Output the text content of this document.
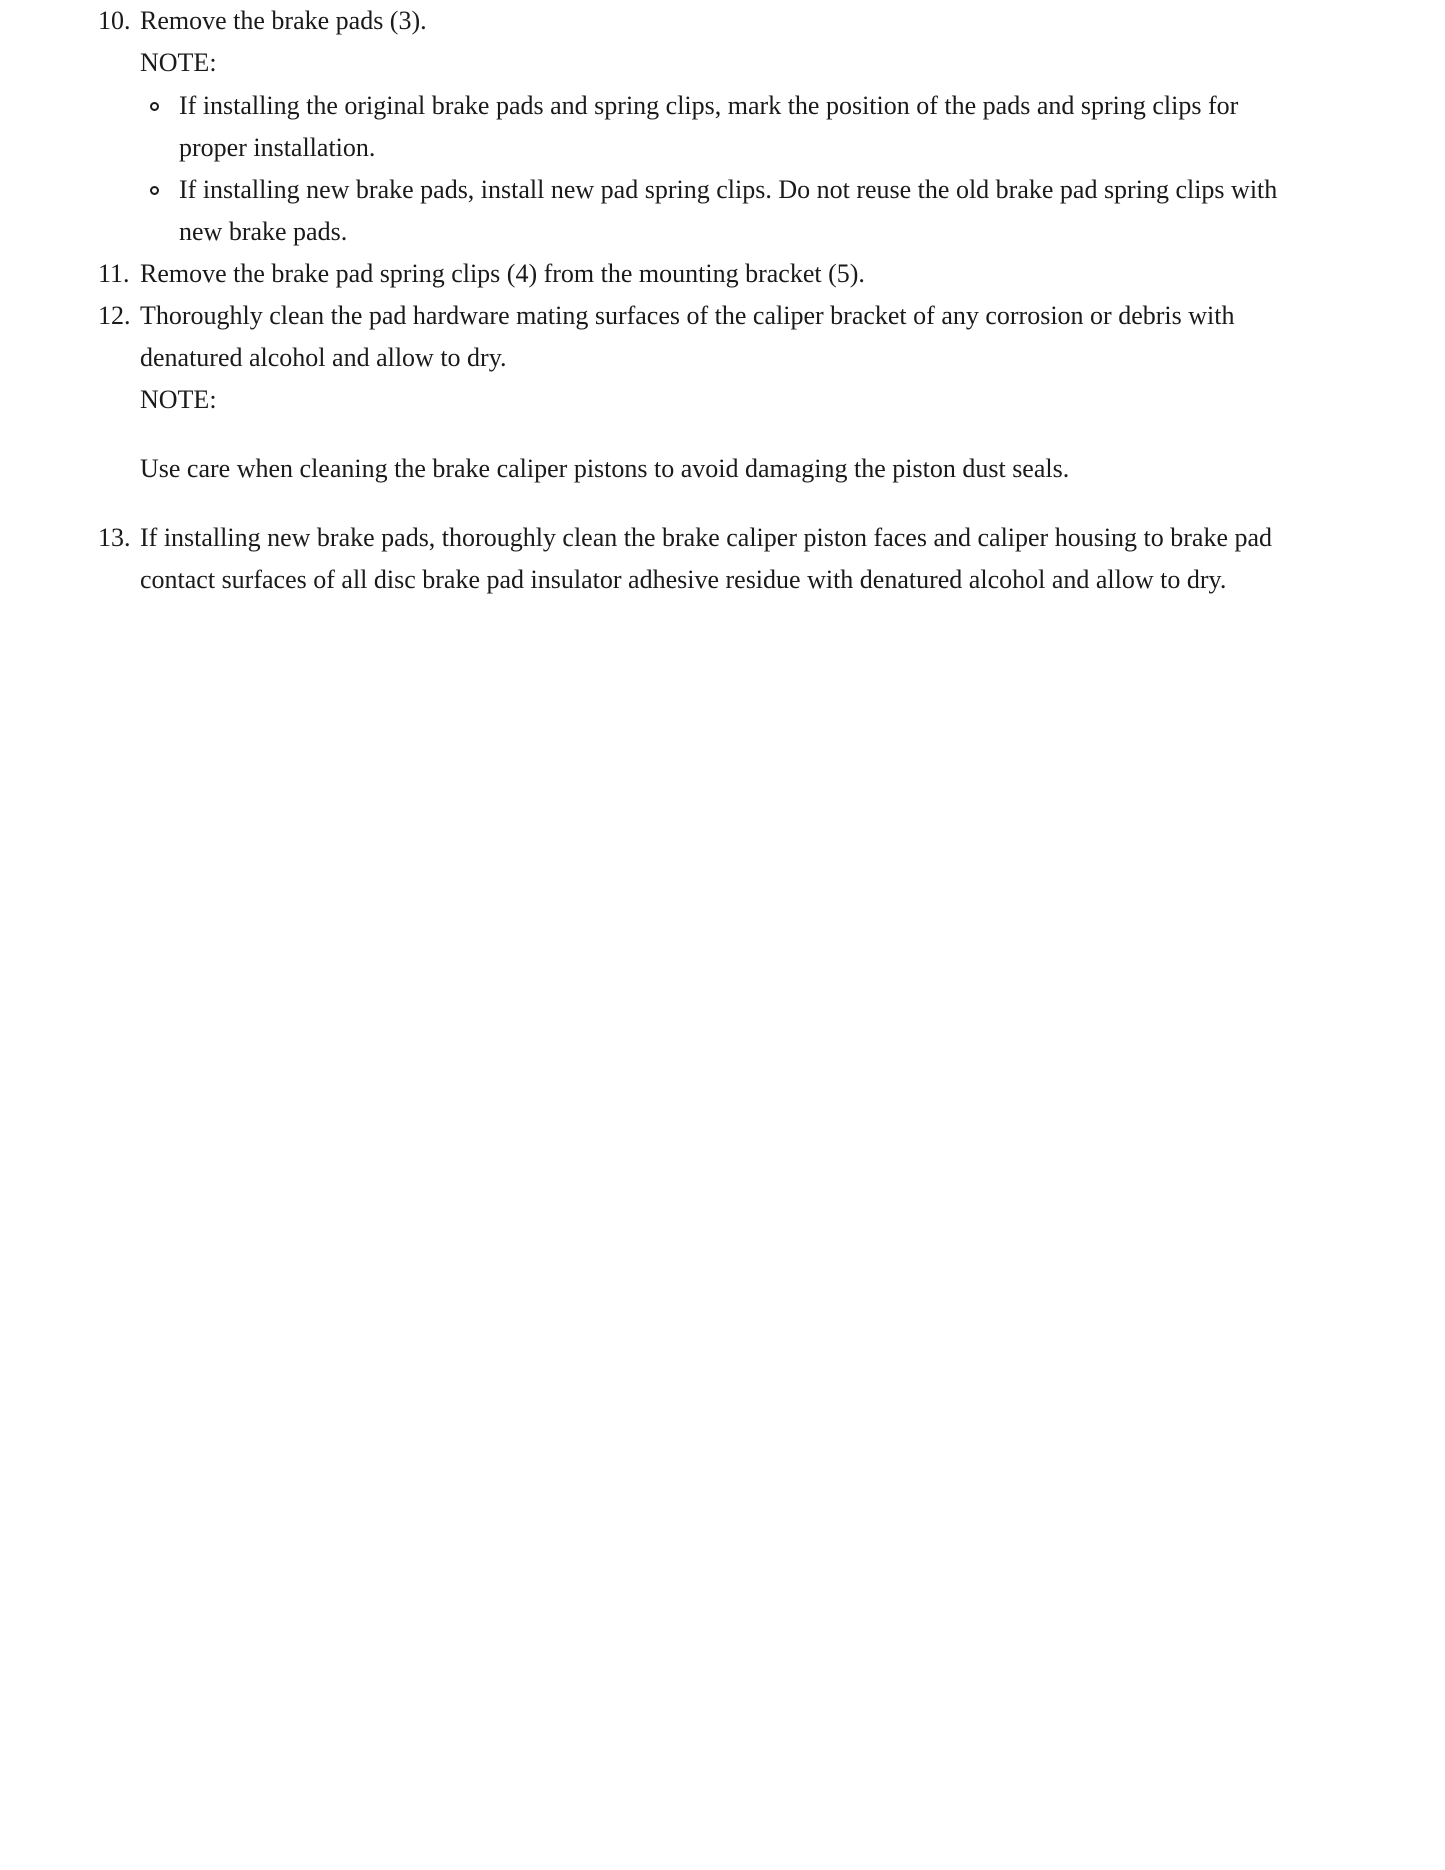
10. Remove the brake pads (3).
NOTE:
If installing the original brake pads and spring clips, mark the position of the pads and spring clips for
proper installation.
If installing new brake pads, install new pad spring clips. Do not reuse the old brake pad spring clips with
new brake pads.
11. Remove the brake pad spring clips (4) from the mounting bracket (5).
12. Thoroughly clean the pad hardware mating surfaces of the caliper bracket of any corrosion or debris with
denatured alcohol and allow to dry.
NOTE:
Use care when cleaning the brake caliper pistons to avoid damaging the piston dust seals.
13. If installing new brake pads, thoroughly clean the brake caliper piston faces and caliper housing to brake pad
contact surfaces of all disc brake pad insulator adhesive residue with denatured alcohol and allow to dry.
